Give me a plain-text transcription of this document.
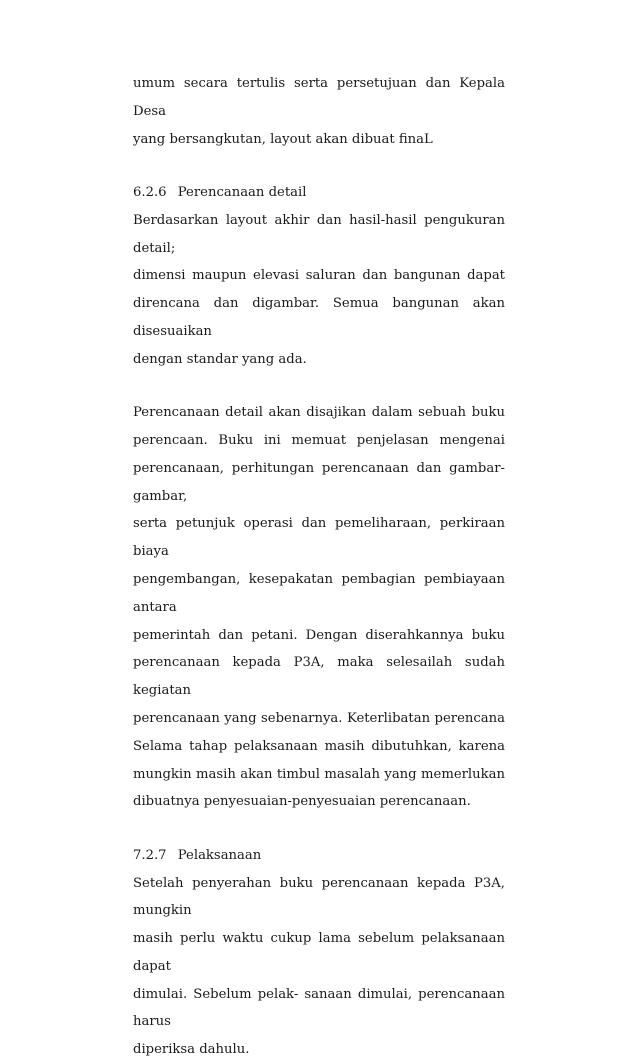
umum secara tertulis serta persetujuan dan Kepala Desa
yang bersangkutan, layout akan dibuat finaL

6.2.6 Perencanaan detail

Berdasarkan layout akhir dan hasil-hasil pengukuran detail;
dimensi maupun elevasi saluran dan bangunan dapat
direncana dan digambar. Semua bangunan akan disesuaikan
dengan standar yang ada.

Perencanaan detail akan disajikan dalam sebuah buku
perencaan. Buku ini memuat penjelasan mengenai
perencanaan, perhitungan perencanaan dan gambar-gambar,
serta petunjuk operasi dan pemeliharaan, perkiraan biaya
pengembangan, kesepakatan pembagian pembiayaan antara
pemerintah dan petani. Dengan diserahkannya buku
perencanaan kepada P3A, maka selesailah sudah kegiatan
perencanaan yang sebenarnya. Keterlibatan perencana
Selama tahap pelaksanaan masih dibutuhkan, karena
mungkin masih akan timbul masalah yang memerlukan
dibuatnya penyesuaian-penyesuaian perencanaan.

7.2.7 Pelaksanaan

Setelah penyerahan buku perencanaan kepada P3A, mungkin
masih perlu waktu cukup lama sebelum pelaksanaan dapat
dimulai. Sebelum pelak- sanaan dimulai, perencanaan harus
diperiksa dahulu.
